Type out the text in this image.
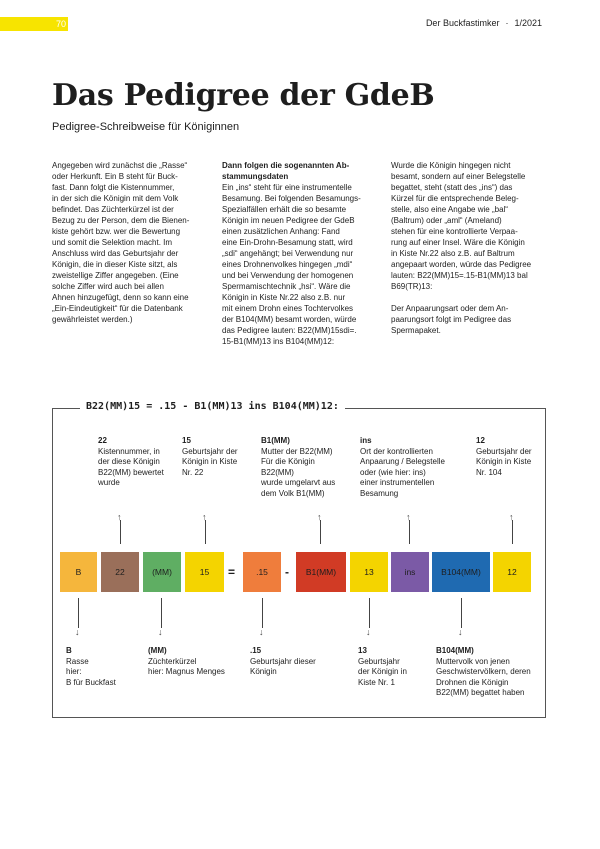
70	Der Buckfastimker · 1/2021
Das Pedigree der GdeB
Pedigree-Schreibweise für Königinnen
Angegeben wird zunächst die „Rasse“
oder Herkunft. Ein B steht für Buck-
fast. Dann folgt die Kistennummer,
in der sich die Königin mit dem Volk
befindet. Das Züchterkürzel ist der
Bezug zu der Person, dem die Bienen-
kiste gehört bzw. wer die Bewertung
und somit die Selektion macht. Im
Anschluss wird das Geburtsjahr der
Königin, die in dieser Kiste sitzt, als
zweistellige Ziffer angegeben. (Eine
solche Ziffer wird auch bei allen
Ahnen hinzugefügt, denn so kann eine
„Ein-Eindeutigkeit“ für die Datenbank
gewährleistet werden.)
Dann folgen die sogenannten Ab-
stammungsdaten
Ein „ins“ steht für eine instrumentelle
Besamung. Bei folgenden Besamungs-
Spezialfällen erhält die so besamte
Königin im neuen Pedigree der GdeB
einen zusätzlichen Anhang: Fand
eine Ein-Drohn-Besamung statt, wird
„sdi“ angehängt; bei Verwendung nur
eines Drohnenvolkes hingegen „mdi“
und bei Verwendung der homogenen
Spermamischtechnik „hsi“. Wäre die
Königin in Kiste Nr.22 also z.B. nur
mit einem Drohn eines Tochtervolkes
der B104(MM) besamt worden, würde
das Pedigree lauten: B22(MM)15sdi=.
15-B1(MM)13 ins B104(MM)12:
Wurde die Königin hingegen nicht
besamt, sondern auf einer Belegstelle
begattet, steht (statt des „ins“) das
Kürzel für die entsprechende Beleg-
stelle, also eine Angabe wie „bal“
(Baltrum) oder „aml“ (Ameland)
stehen für eine kontrollierte Verpaa-
rung auf einer Insel. Wäre die Königin
in Kiste Nr.22 also z.B. auf Baltrum
angepaart worden, würde das Pedigree
lauten: B22(MM)15=.15-B1(MM)13 bal
B69(TR)13:

Der Anpaarungsart oder dem An-
paarungsort folgt im Pedigree das
Spermapaket.
B22(MM)15 = .15 - B1(MM)13 ins B104(MM)12:
22
Kistennummer, in
der diese Königin
B22(MM) bewertet
wurde
15
Geburtsjahr der
Königin in Kiste
Nr. 22
B1(MM)
Mutter der B22(MM)
Für die Königin
B22(MM)
wurde umgelarvt aus
dem Volk B1(MM)
ins
Ort der kontrollierten
Anpaarung / Belegstelle
oder (wie hier: ins)
einer instrumentellen
Besamung
12
Geburtsjahr der
Königin in Kiste
Nr. 104
↑	↑	↑	↑	↑
B	22	(MM)	15	=	.15	-	B1(MM)	13	ins	B104(MM)	12
↓	↓	↓	↓	↓
B
Rasse
hier:
B für Buckfast
(MM)
Züchterkürzel
hier: Magnus Menges
.15
Geburtsjahr dieser
Königin
13
Geburtsjahr
der Königin in
Kiste Nr. 1
B104(MM)
Muttervolk von jenen
Geschwistervölkern, deren
Drohnen die Königin
B22(MM) begattet haben
